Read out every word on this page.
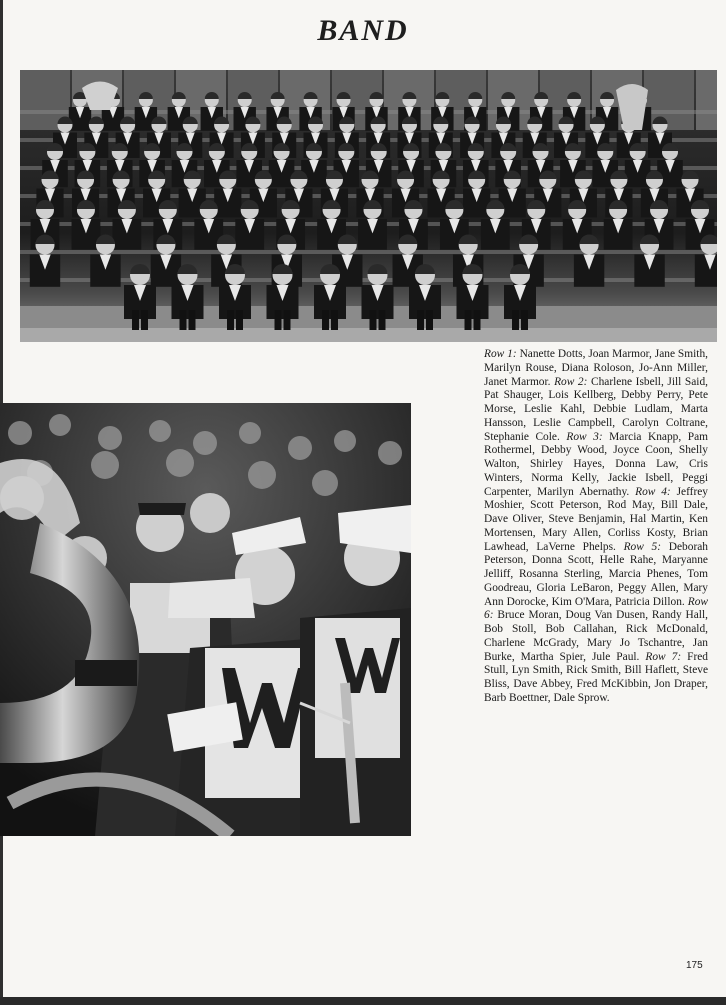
BAND

Row 1: Nanette Dotts, Joan Marmor, Jane Smith, Marilyn Rouse, Diana Roloson, Jo-Ann Miller, Janet Marmor. Row 2: Charlene Isbell, Jill Said, Pat Shauger, Lois Kellberg, Debby Perry, Pete Morse, Leslie Kahl, Debbie Ludlam, Marta Hansson, Leslie Campbell, Carolyn Coltrane, Stephanie Cole. Row 3: Marcia Knapp, Pam Rothermel, Debby Wood, Joyce Coon, Shelly Walton, Shirley Hayes, Donna Law, Cris Winters, Norma Kelly, Jackie Isbell, Peggi Carpenter, Marilyn Abernathy. Row 4: Jeffrey Moshier, Scott Peterson, Rod May, Bill Dale, Dave Oliver, Steve Benjamin, Hal Martin, Ken Mortensen, Mary Allen, Corliss Kosty, Brian Lawhead, LaVerne Phelps. Row 5: Deborah Peterson, Donna Scott, Helle Rahe, Maryanne Jelliff, Rosanna Sterling, Marcia Phenes, Tom Goodreau, Gloria LeBaron, Peggy Allen, Mary Ann Dorocke, Kim O'Mara, Patricia Dillon. Row 6: Bruce Moran, Doug Van Dusen, Randy Hall, Bob Stoll, Bob Callahan, Rick McDonald, Charlene McGrady, Mary Jo Tschantre, Jan Burke, Martha Spier, Jule Paul. Row 7: Fred Stull, Lyn Smith, Rick Smith, Bill Haflett, Steve Bliss, Dave Abbey, Fred McKibbin, Jon Draper, Barb Boettner, Dale Sprow.

175
